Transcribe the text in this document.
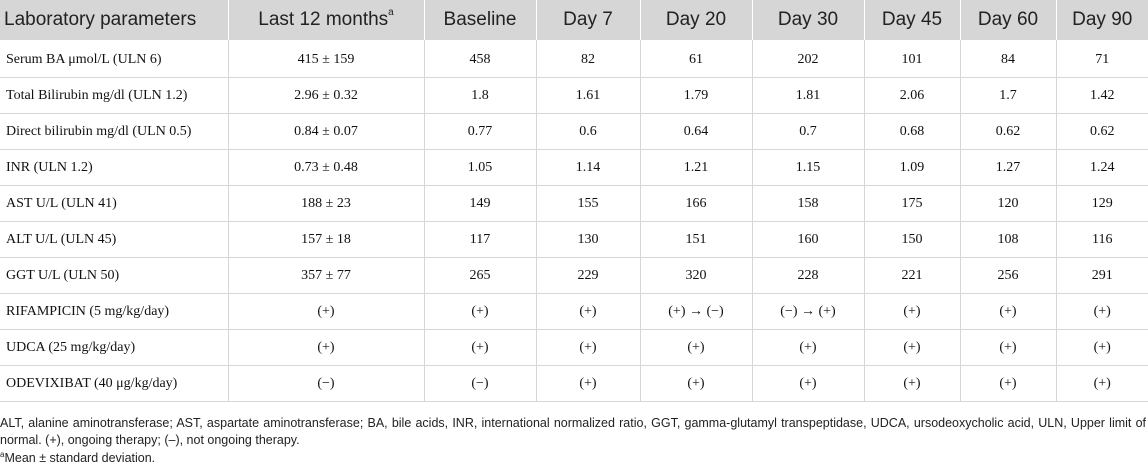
Laboratory parameters	Last 12 months$^a$	Baseline	Day 7	Day 20	Day 30	Day 45	Day 60	Day 90
Serum BA μmol/L (ULN 6)	415 ± 159	458	82	61	202	101	84	71
Total Bilirubin mg/dl (ULN 1.2)	2.96 ± 0.32	1.8	1.61	1.79	1.81	2.06	1.7	1.42
Direct bilirubin mg/dl (ULN 0.5)	0.84 ± 0.07	0.77	0.6	0.64	0.7	0.68	0.62	0.62
INR (ULN 1.2)	0.73 ± 0.48	1.05	1.14	1.21	1.15	1.09	1.27	1.24
AST U/L (ULN 41)	188 ± 23	149	155	166	158	175	120	129
ALT U/L (ULN 45)	157 ± 18	117	130	151	160	150	108	116
GGT U/L (ULN 50)	357 ± 77	265	229	320	228	221	256	291
RIFAMPICIN (5 mg/kg/day)	(+)	(+)	(+)	(+) → (−)	(−) → (+)	(+)	(+)	(+)
UDCA (25 mg/kg/day)	(+)	(+)	(+)	(+)	(+)	(+)	(+)	(+)
ODEVIXIBAT (40 μg/kg/day)	(−)	(−)	(+)	(+)	(+)	(+)	(+)	(+)
ALT, alanine aminotransferase; AST, aspartate aminotransferase; BA, bile acids, INR, international normalized ratio, GGT, gamma-glutamyl transpeptidase, UDCA, ursodeoxycholic acid, ULN, Upper limit of normal. (+), ongoing therapy; (–), not ongoing therapy.
$^a$Mean ± standard deviation.
